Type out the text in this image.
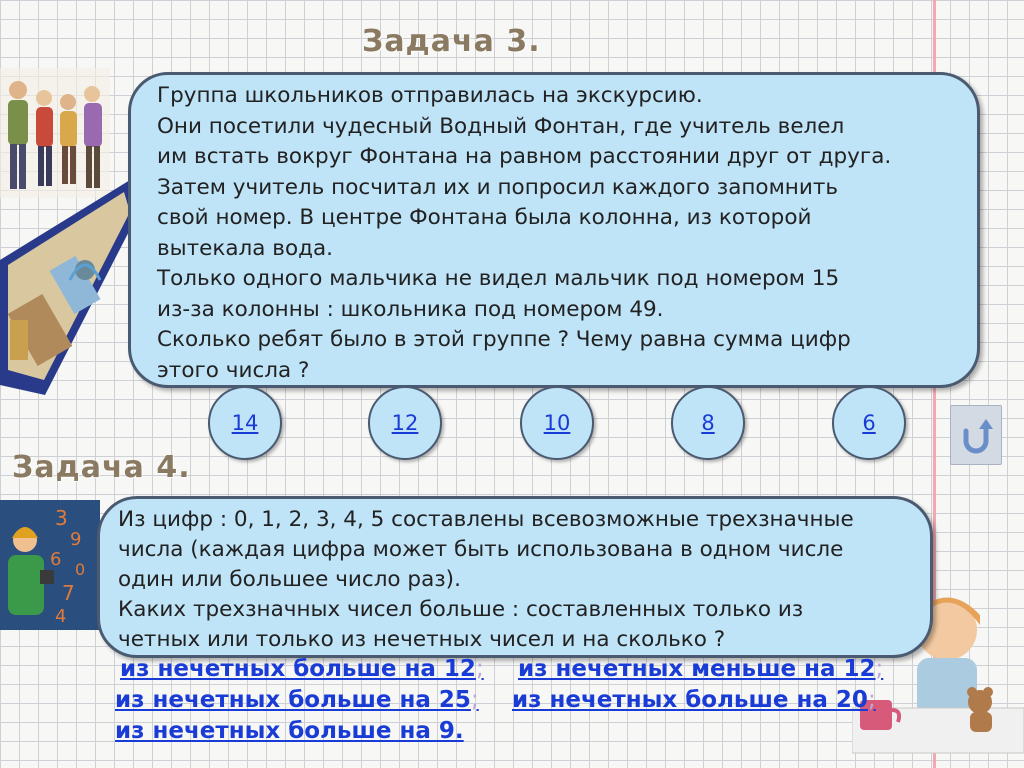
3
9
6 0
7
4
Задача 3.
Группа школьников отправилась на экскурсию.
Они посетили чудесный Водный Фонтан, где учитель велел
им встать вокруг Фонтана на равном расстоянии друг от друга.
Затем учитель посчитал их и попросил каждого запомнить
свой номер. В центре Фонтана была колонна, из которой
вытекала вода.
Только одного мальчика не видел мальчик под номером 15
из-за колонны : школьника под номером 49.
Сколько ребят было в этой группе ? Чему равна сумма цифр
этого числа ?
14	12	10	8	6
Задача 4.
Из цифр : 0, 1, 2, 3, 4, 5 составлены всевозможные трехзначные
числа (каждая цифра может быть использована в одном числе
один или большее число раз).
Каких трехзначных чисел больше : составленных только из
четных или только из нечетных чисел и на сколько ?
из нечетных больше на 12; из нечетных меньше на 12;
из нечетных больше на 25; из нечетных больше на 20;
из нечетных больше на 9.
